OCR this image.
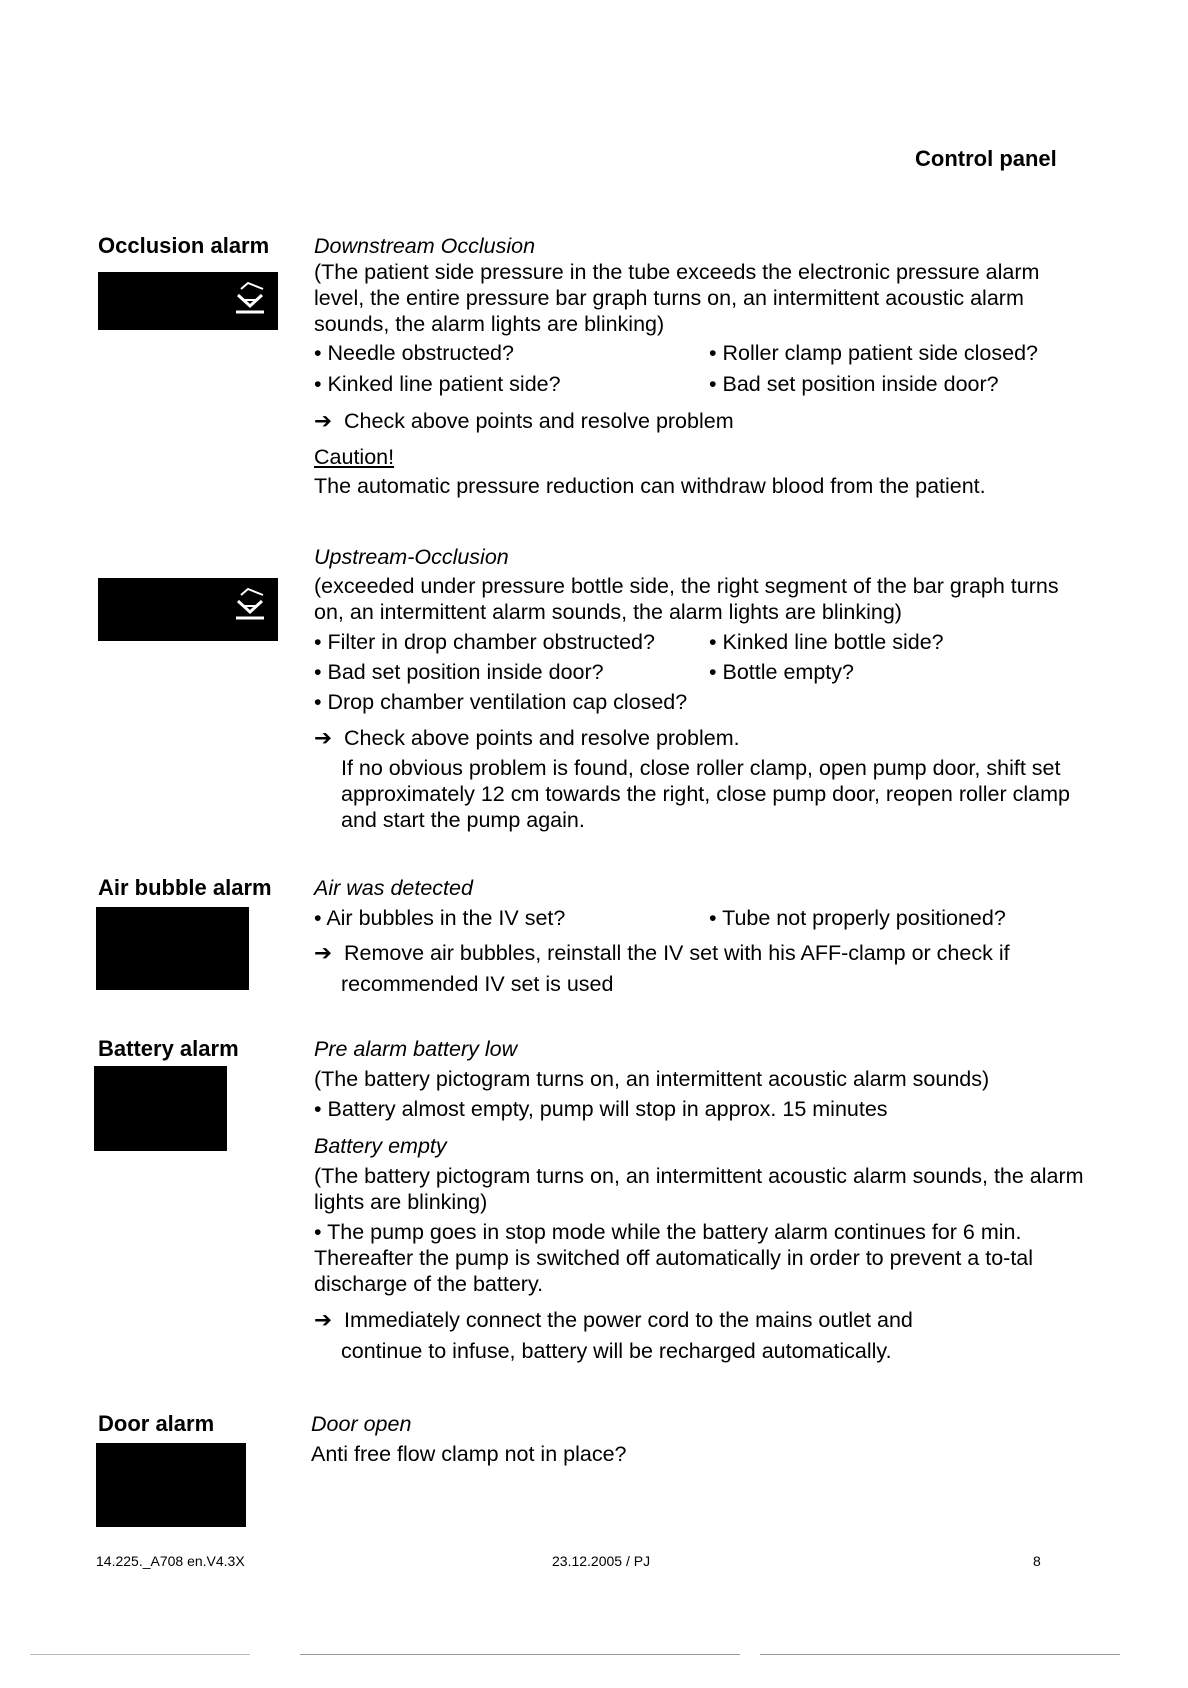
Control panel
Occlusion alarm Downstream Occlusion
(The patient side pressure in the tube exceeds the electronic pressure alarm level, the entire pressure bar graph turns on, an intermittent acoustic alarm sounds, the alarm lights are blinking)
• Needle obstructed?	• Roller clamp patient side closed?
• Kinked line patient side?	• Bad set position inside door?
➔ Check above points and resolve problem
Caution!
The automatic pressure reduction can withdraw blood from the patient.
Upstream-Occlusion
(exceeded under pressure bottle side, the right segment of the bar graph turns on, an intermittent alarm sounds, the alarm lights are blinking)
• Filter in drop chamber obstructed?	• Kinked line bottle side?
• Bad set position inside door?	• Bottle empty?
• Drop chamber ventilation cap closed?
➔ Check above points and resolve problem.
If no obvious problem is found, close roller clamp, open pump door, shift set approximately 12 cm towards the right, close pump door, reopen roller clamp and start the pump again.
Air bubble alarm Air was detected
• Air bubbles in the IV set?	• Tube not properly positioned?
➔ Remove air bubbles, reinstall the IV set with his AFF-clamp or check if
recommended IV set is used
Battery alarm	Pre alarm battery low
(The battery pictogram turns on, an intermittent acoustic alarm sounds)
• Battery almost empty, pump will stop in approx. 15 minutes
Battery empty
(The battery pictogram turns on, an intermittent acoustic alarm sounds, the alarm lights are blinking)
• The pump goes in stop mode while the battery alarm continues for 6 min. Thereafter the pump is switched off automatically in order to prevent a to-tal discharge of the battery.
➔ Immediately connect the power cord to the mains outlet and
continue to infuse, battery will be recharged automatically.
Door alarm	Door open
Anti free flow clamp not in place?
14.225._A708 en.V4.3X	23.12.2005 / PJ	8
